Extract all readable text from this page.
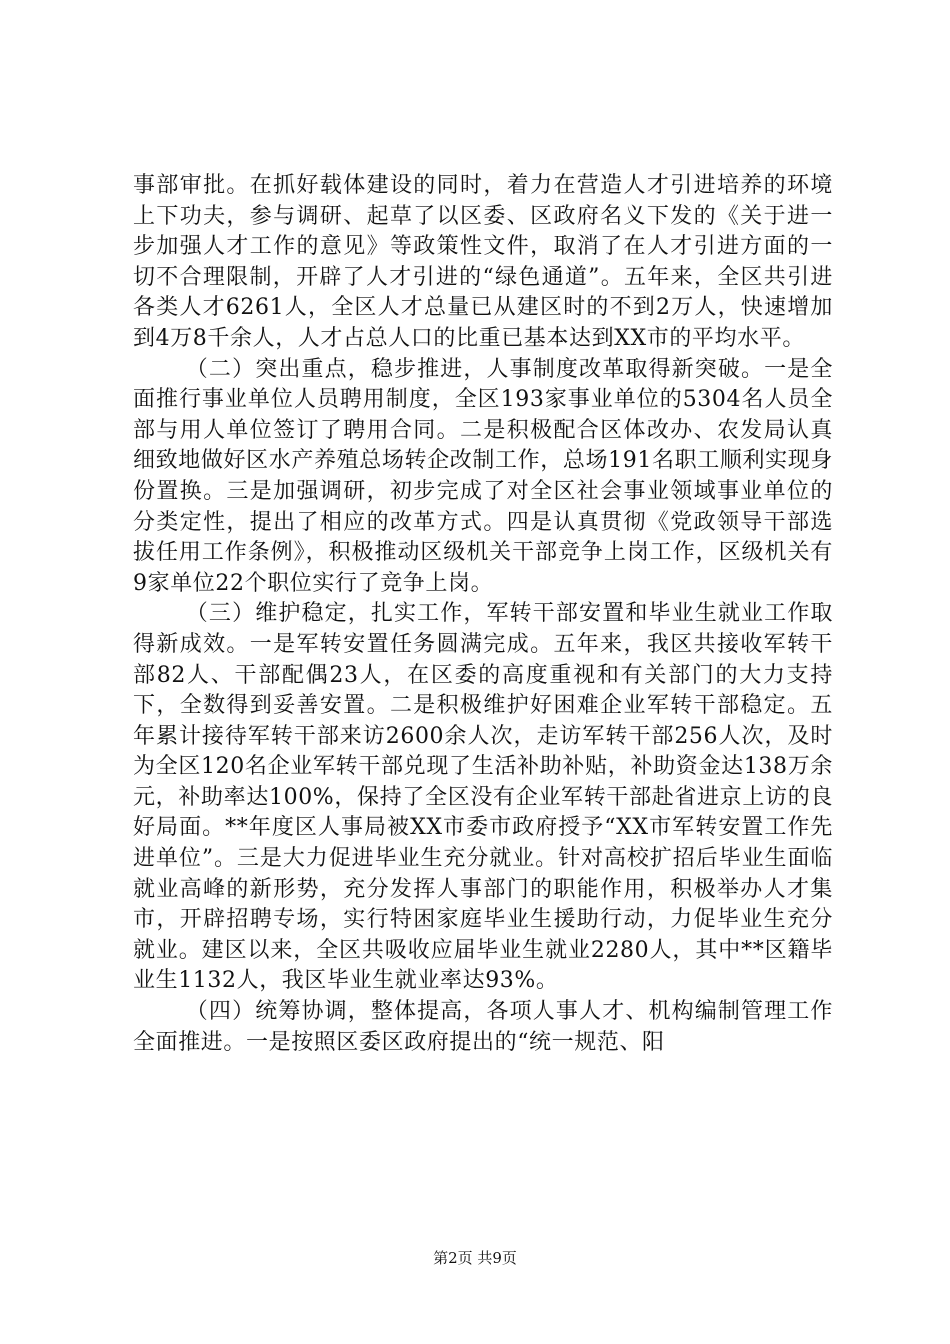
事部审批。在抓好载体建设的同时，着力在营造人才引进培养的环境上下功夫，参与调研、起草了以区委、区政府名义下发的《关于进一步加强人才工作的意见》等政策性文件，取消了在人才引进方面的一切不合理限制，开辟了人才引进的“绿色通道”。五年来，全区共引进各类人才6261人，全区人才总量已从建区时的不到2万人，快速增加到4万8千余人，人才占总人口的比重已基本达到XX市的平均水平。

（二）突出重点，稳步推进，人事制度改革取得新突破。一是全面推行事业单位人员聘用制度，全区193家事业单位的5304名人员全部与用人单位签订了聘用合同。二是积极配合区体改办、农发局认真细致地做好区水产养殖总场转企改制工作，总场191名职工顺利实现身份置换。三是加强调研，初步完成了对全区社会事业领域事业单位的分类定性，提出了相应的改革方式。四是认真贯彻《党政领导干部选拔任用工作条例》，积极推动区级机关干部竞争上岗工作，区级机关有9家单位22个职位实行了竞争上岗。

（三）维护稳定，扎实工作，军转干部安置和毕业生就业工作取得新成效。一是军转安置任务圆满完成。五年来，我区共接收军转干部82人、干部配偶23人，在区委的高度重视和有关部门的大力支持下，全数得到妥善安置。二是积极维护好困难企业军转干部稳定。五年累计接待军转干部来访2600余人次，走访军转干部256人次，及时为全区120名企业军转干部兑现了生活补助补贴，补助资金达138万余元，补助率达100%，保持了全区没有企业军转干部赴省进京上访的良好局面。**年度区人事局被XX市委市政府授予“XX市军转安置工作先进单位”。三是大力促进毕业生充分就业。针对高校扩招后毕业生面临就业高峰的新形势，充分发挥人事部门的职能作用，积极举办人才集市，开辟招聘专场，实行特困家庭毕业生援助行动，力促毕业生充分就业。建区以来，全区共吸收应届毕业生就业2280人，其中**区籍毕业生1132人，我区毕业生就业率达93%。

（四）统筹协调，整体提高，各项人事人才、机构编制管理工作全面推进。一是按照区委区政府提出的“统一规范、阳

第2页 共9页
